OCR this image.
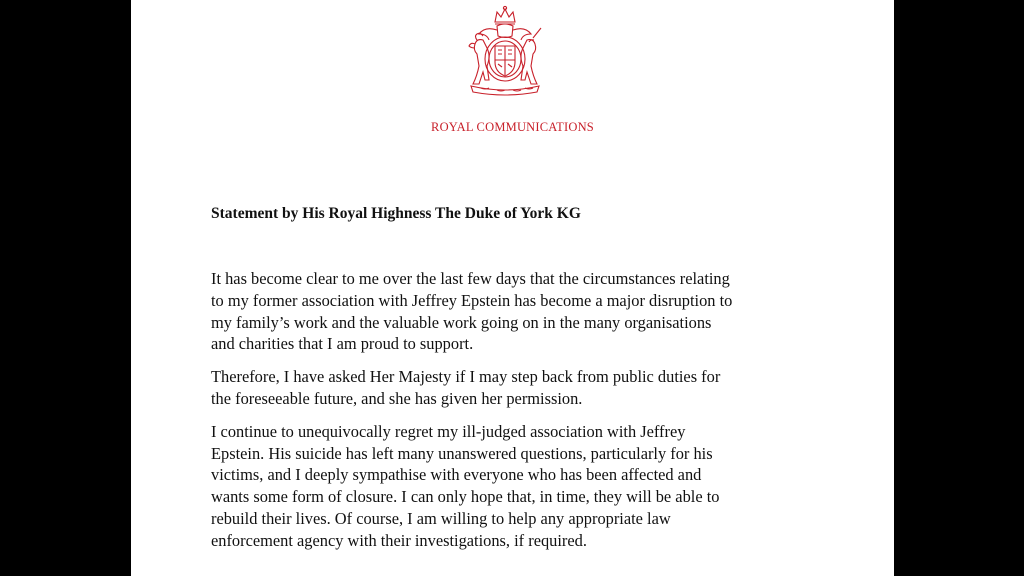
ROYAL COMMUNICATIONS
Statement by His Royal Highness The Duke of York KG

It has become clear to me over the last few days that the circumstances relating
to my former association with Jeffrey Epstein has become a major disruption to
my family’s work and the valuable work going on in the many organisations
and charities that I am proud to support.

Therefore, I have asked Her Majesty if I may step back from public duties for
the foreseeable future, and she has given her permission.

I continue to unequivocally regret my ill-judged association with Jeffrey
Epstein. His suicide has left many unanswered questions, particularly for his
victims, and I deeply sympathise with everyone who has been affected and
wants some form of closure. I can only hope that, in time, they will be able to
rebuild their lives. Of course, I am willing to help any appropriate law
enforcement agency with their investigations, if required.
